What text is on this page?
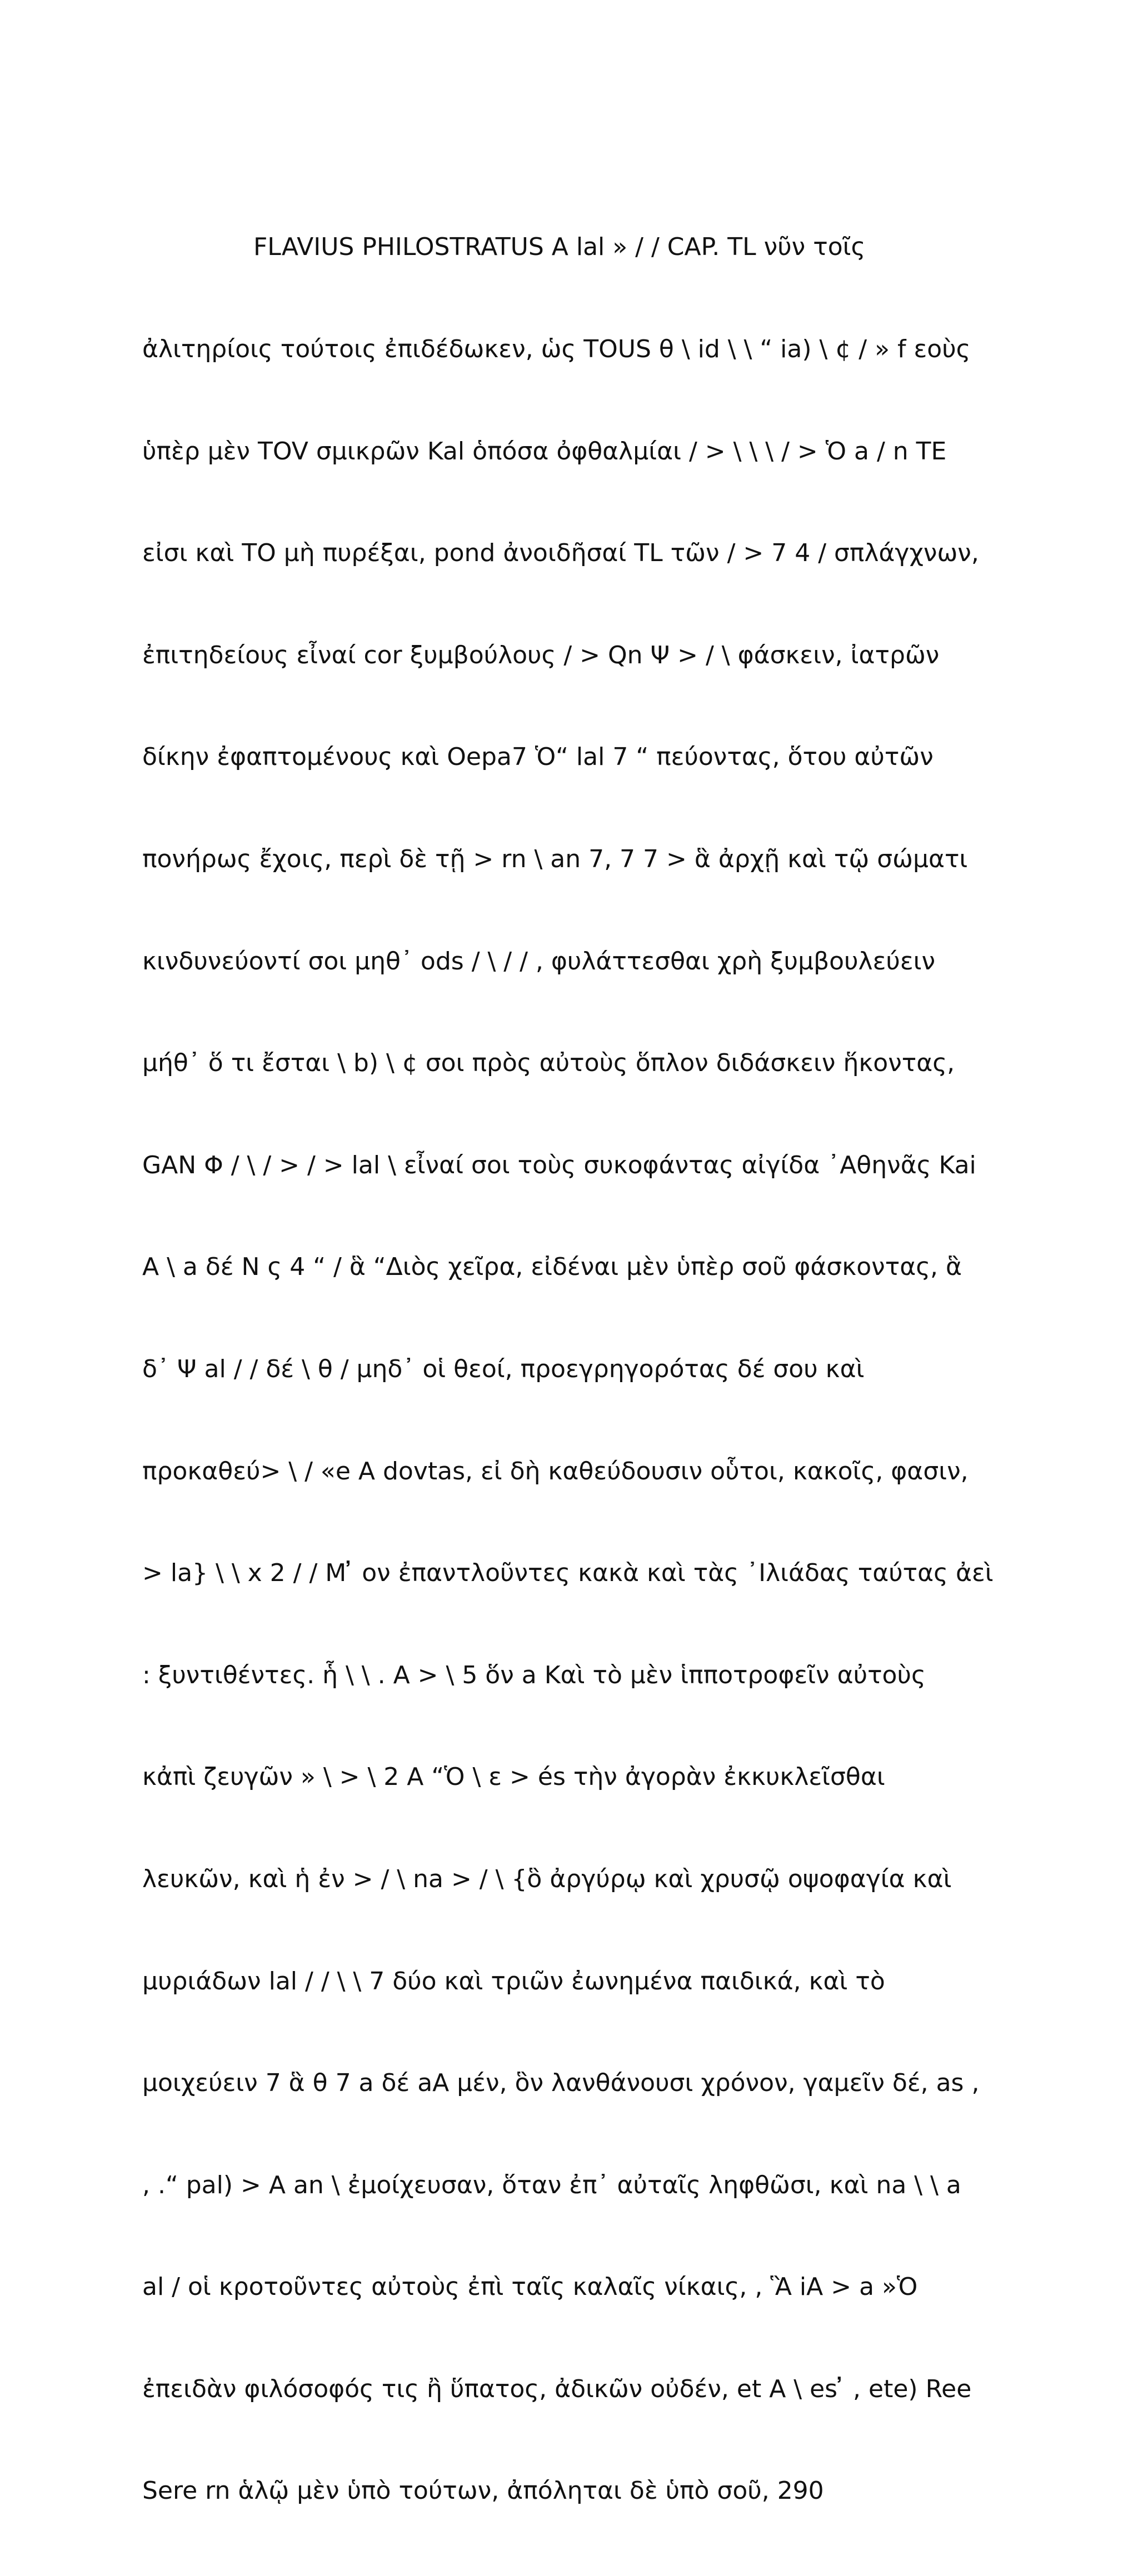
FLAVIUS PHILOSTRATUS A lal » / / CAP. TL νῦν τοῖς

ἀλιτηρίοις τούτοις ἐπιδέδωκεν, ὡς TOUS θ \ id \ \ “ ia) \ ¢ / » f εοὺς

ὑπὲρ μὲν TOV σμικρῶν Kal ὁπόσα ὀφθαλμίαι / > \ \ \ / > Ὁ a / n TE

εἰσι καὶ TO μὴ πυρέξαι, pond ἀνοιδῆσαί TL τῶν / > 7 4 / σπλάγχνων,

ἐπιτηδείους εἶναί cor ξυμβούλους / > Qn Ψ > / \ φάσκειν, ἰατρῶν

δίκην ἐφαπτομένους καὶ Oepa7 Ὁ“ lal 7 “ πεύοντας, ὅτου αὐτῶν

πονήρως ἔχοις, περὶ δὲ τῇ > rn \ an 7, 7 7 > ἃ ἀρχῇ καὶ τῷ σώματι

κινδυνεύοντί σοι μηθ᾽ ods / \ / / , φυλάττεσθαι χρὴ ξυμβουλεύειν

μήθ᾽ ὅ τι ἔσται \ b) \ ¢ σοι πρὸς αὐτοὺς ὅπλον διδάσκειν ἥκοντας,

GAN Φ / \ / > / > lal \ εἶναί σοι τοὺς συκοφάντας αἰγίδα ᾿Αθηνᾶς Kai

A \ a δέ N ς 4 “ / ἃ “Διὸς χεῖρα, εἰδέναι μὲν ὑπὲρ σοῦ φάσκοντας, ἃ

δ᾽ Ψ al / / δέ \ θ / μηδ᾽ οἱ θεοί, προεγρηγορότας δέ σου καὶ

προκαθεύ> \ / «e A dovtas, εἰ δὴ καθεύδουσιν οὗτοι, κακοῖς, φασιν,

> la} \ \ x 2 / / M ̓ ον ἐπαντλοῦντες κακὰ καὶ τὰς ᾿Ιλιάδας ταύτας ἀεὶ

: ξυντιθέντες. ἧ \ \ . A > \ 5 ὅν a Καὶ τὸ μὲν ἱπποτροφεῖν αὐτοὺς

κἀπὶ ζευγῶν » \ > \ 2 A “Ὁ \ ε > és τὴν ἀγορὰν ἐκκυκλεῖσθαι

λευκῶν, καὶ ἡ ἐν > / \ na > / \ {ὃ ἀργύρῳ καὶ χρυσῷ οψοφαγία καὶ

μυριάδων lal / / \ \ 7 δύο καὶ τριῶν ἐωνημένα παιδικά, καὶ τὸ

μοιχεύειν 7 ἃ θ 7 a δέ aA μέν, ὃν λανθάνουσι χρόνον, γαμεῖν δέ, as ,

, .“ pal) > A an \ ἐμοίχευσαν, ὅταν ἐπ᾽ αὐταῖς ληφθῶσι, καὶ na \ \ a

al / οἱ κροτοῦντες αὐτοὺς ἐπὶ ταῖς καλαῖς νίκαις, , Ἃ iA > a »Ὁ

ἐπειδὰν φιλόσοφός τις ἢ ὕπατος, ἀδικῶν οὐδέν, et A \ es ̓ , ete) Ree

Sere rn ἁλῷ μὲν ὑπὸ τούτων, ἀπόληται δὲ ὑπὸ σοῦ, 290
